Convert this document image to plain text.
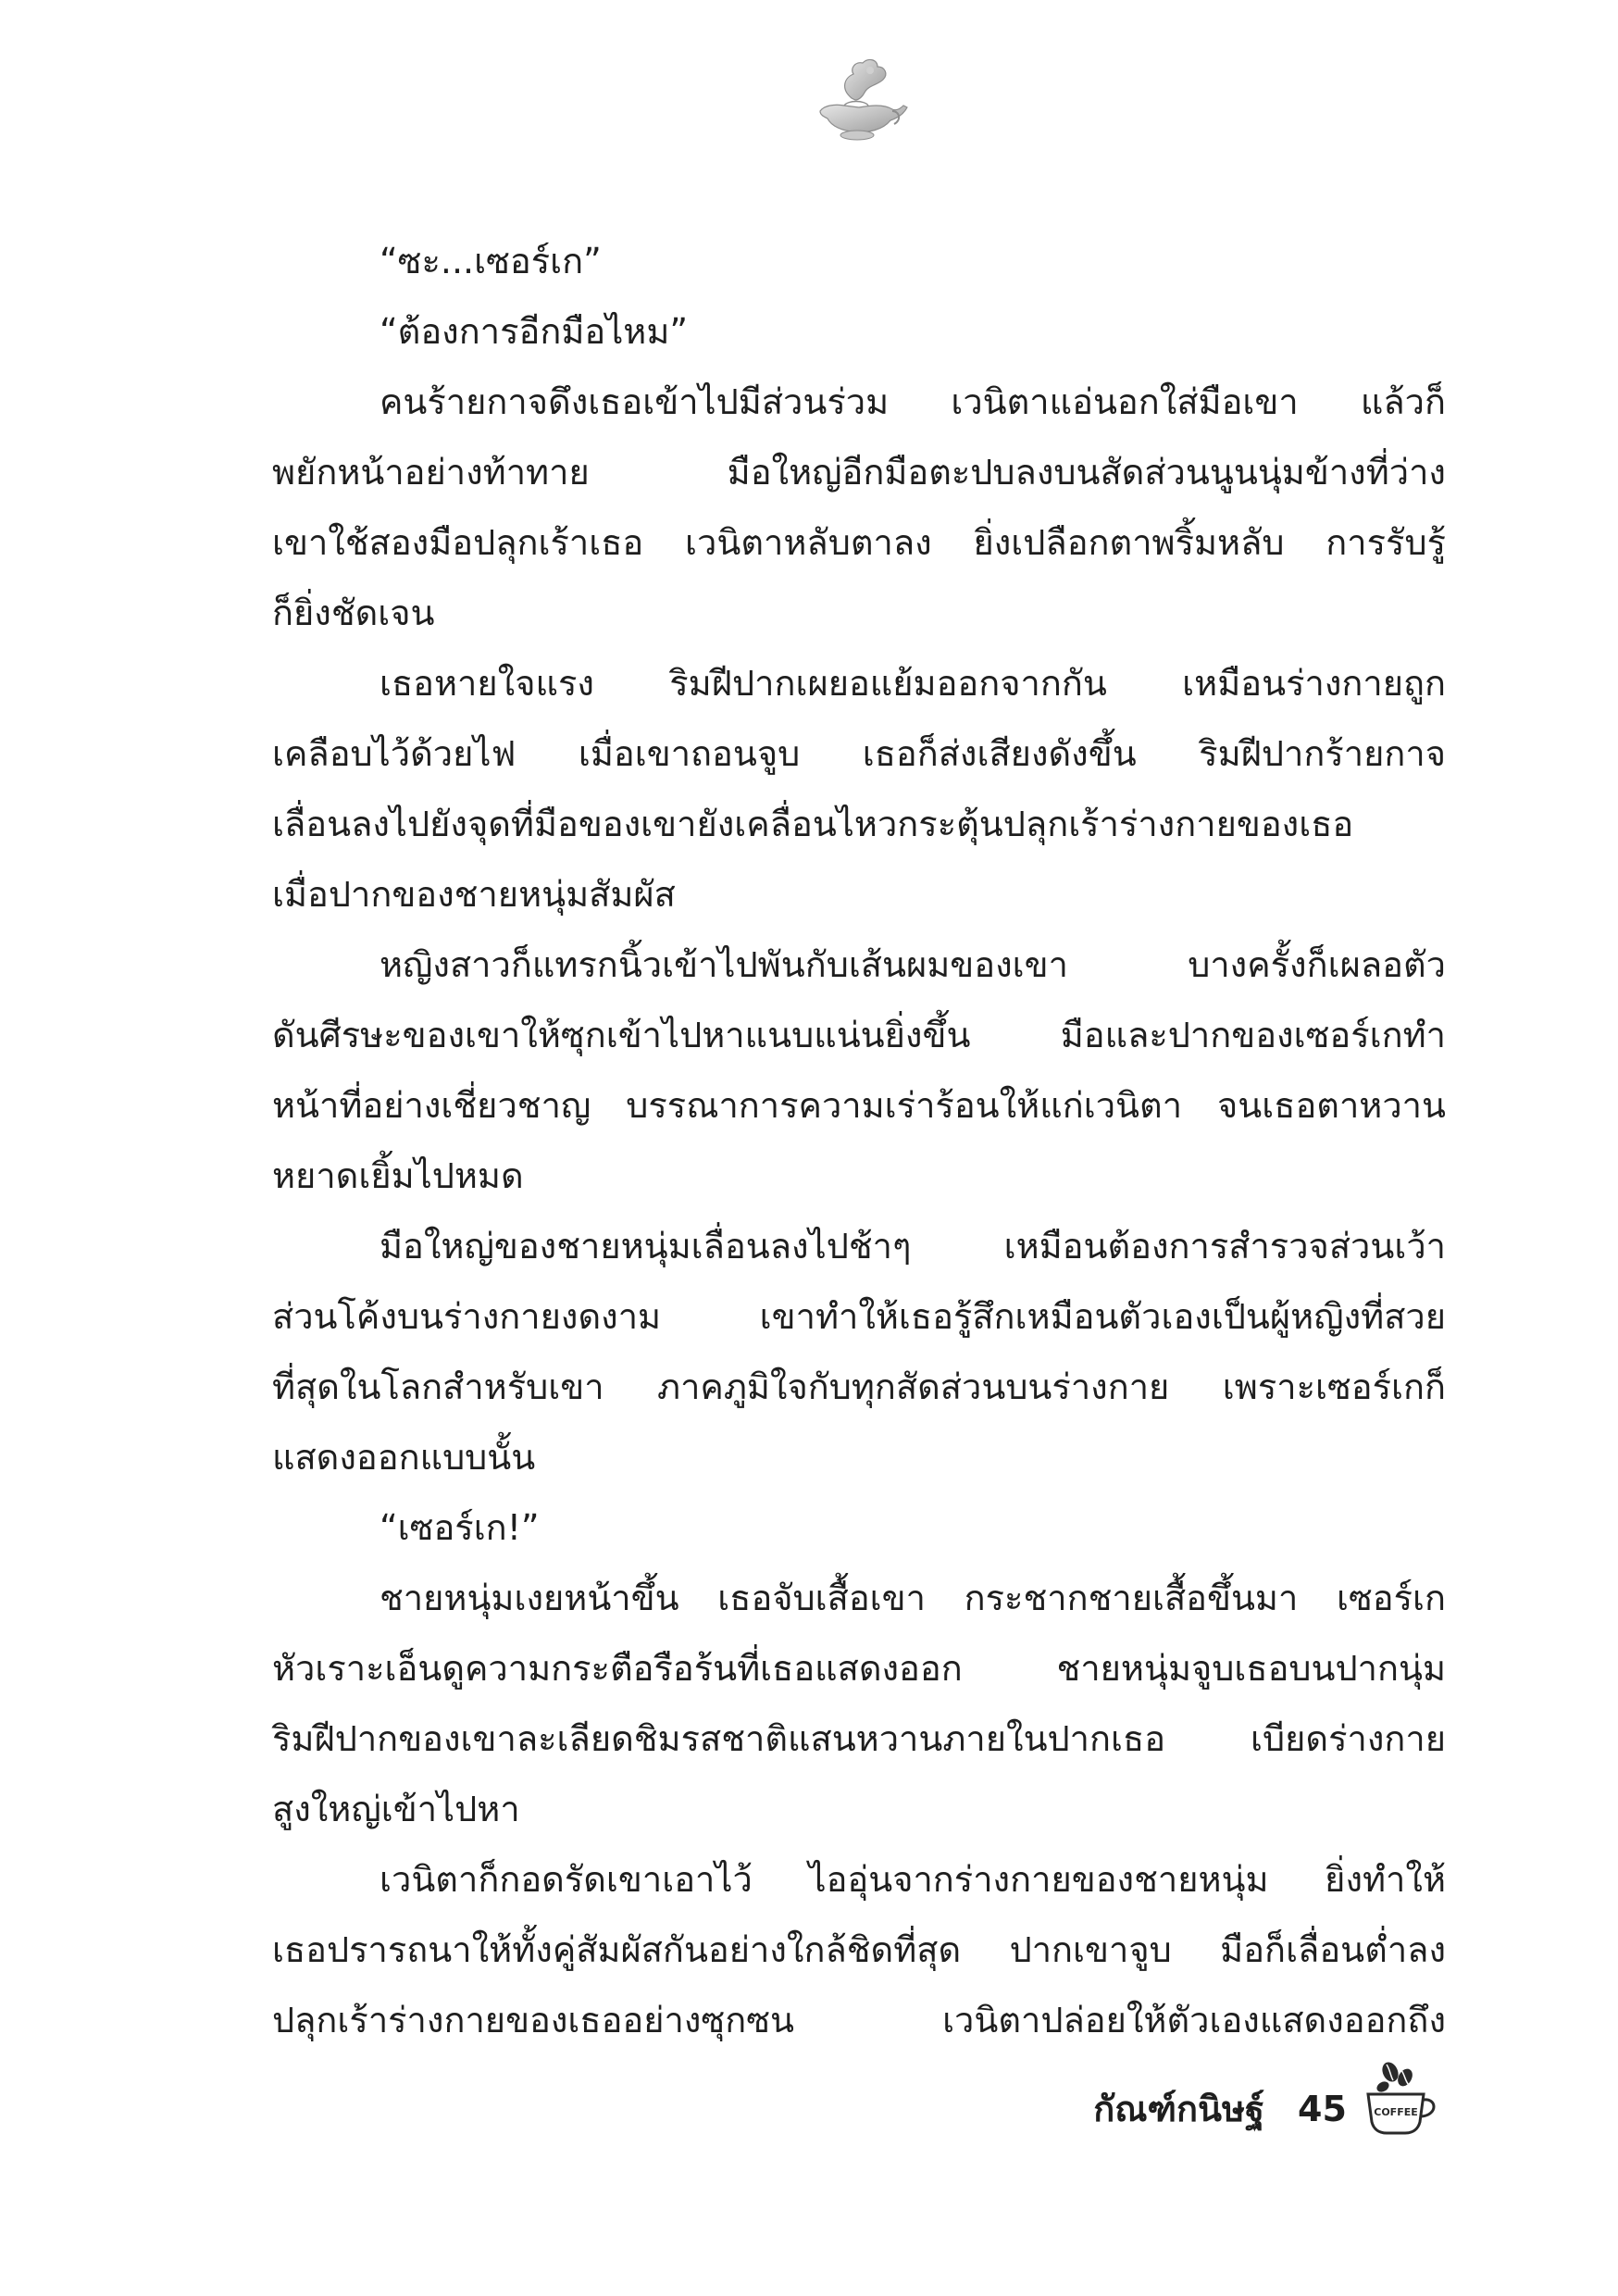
“ซะ...เซอร์เก”
“ต้องการอีกมือไหม”
คนร้ายกาจดึงเธอเข้าไปมีส่วนร่วม เวนิตาแอ่นอกใส่มือเขา แล้วก็
พยักหน้าอย่างท้าทาย มือใหญ่อีกมือตะปบลงบนสัดส่วนนูนนุ่มข้างที่ว่าง
เขาใช้สองมือปลุกเร้าเธอ เวนิตาหลับตาลง ยิ่งเปลือกตาพริ้มหลับ การรับรู้
ก็ยิ่งชัดเจน
เธอหายใจแรง ริมฝีปากเผยอแย้มออกจากกัน เหมือนร่างกายถูก
เคลือบไว้ด้วยไฟ เมื่อเขาถอนจูบ เธอก็ส่งเสียงดังขึ้น ริมฝีปากร้ายกาจ
เลื่อนลงไปยังจุดที่มือของเขายังเคลื่อนไหวกระตุ้นปลุกเร้าร่างกายของเธอ
เมื่อปากของชายหนุ่มสัมผัส
หญิงสาวก็แทรกนิ้วเข้าไปพันกับเส้นผมของเขา บางครั้งก็เผลอตัว
ดันศีรษะของเขาให้ซุกเข้าไปหาแนบแน่นยิ่งขึ้น มือและปากของเซอร์เกทำ
หน้าที่อย่างเชี่ยวชาญ บรรณาการความเร่าร้อนให้แก่เวนิตา จนเธอตาหวาน
หยาดเยิ้มไปหมด
มือใหญ่ของชายหนุ่มเลื่อนลงไปช้าๆ เหมือนต้องการสำรวจส่วนเว้า
ส่วนโค้งบนร่างกายงดงาม เขาทำให้เธอรู้สึกเหมือนตัวเองเป็นผู้หญิงที่สวย
ที่สุดในโลกสำหรับเขา ภาคภูมิใจกับทุกสัดส่วนบนร่างกาย เพราะเซอร์เกก็
แสดงออกแบบนั้น
“เซอร์เก!”
ชายหนุ่มเงยหน้าขึ้น เธอจับเสื้อเขา กระชากชายเสื้อขึ้นมา เซอร์เก
หัวเราะเอ็นดูความกระตือรือร้นที่เธอแสดงออก ชายหนุ่มจูบเธอบนปากนุ่ม
ริมฝีปากของเขาละเลียดชิมรสชาติแสนหวานภายในปากเธอ เบียดร่างกาย
สูงใหญ่เข้าไปหา
เวนิตาก็กอดรัดเขาเอาไว้ ไออุ่นจากร่างกายของชายหนุ่ม ยิ่งทำให้
เธอปรารถนาให้ทั้งคู่สัมผัสกันอย่างใกล้ชิดที่สุด ปากเขาจูบ มือก็เลื่อนต่ำลง
ปลุกเร้าร่างกายของเธออย่างซุกซน เวนิตาปล่อยให้ตัวเองแสดงออกถึง
กัณฑ์กนิษฐ์ 45	COFFEE
